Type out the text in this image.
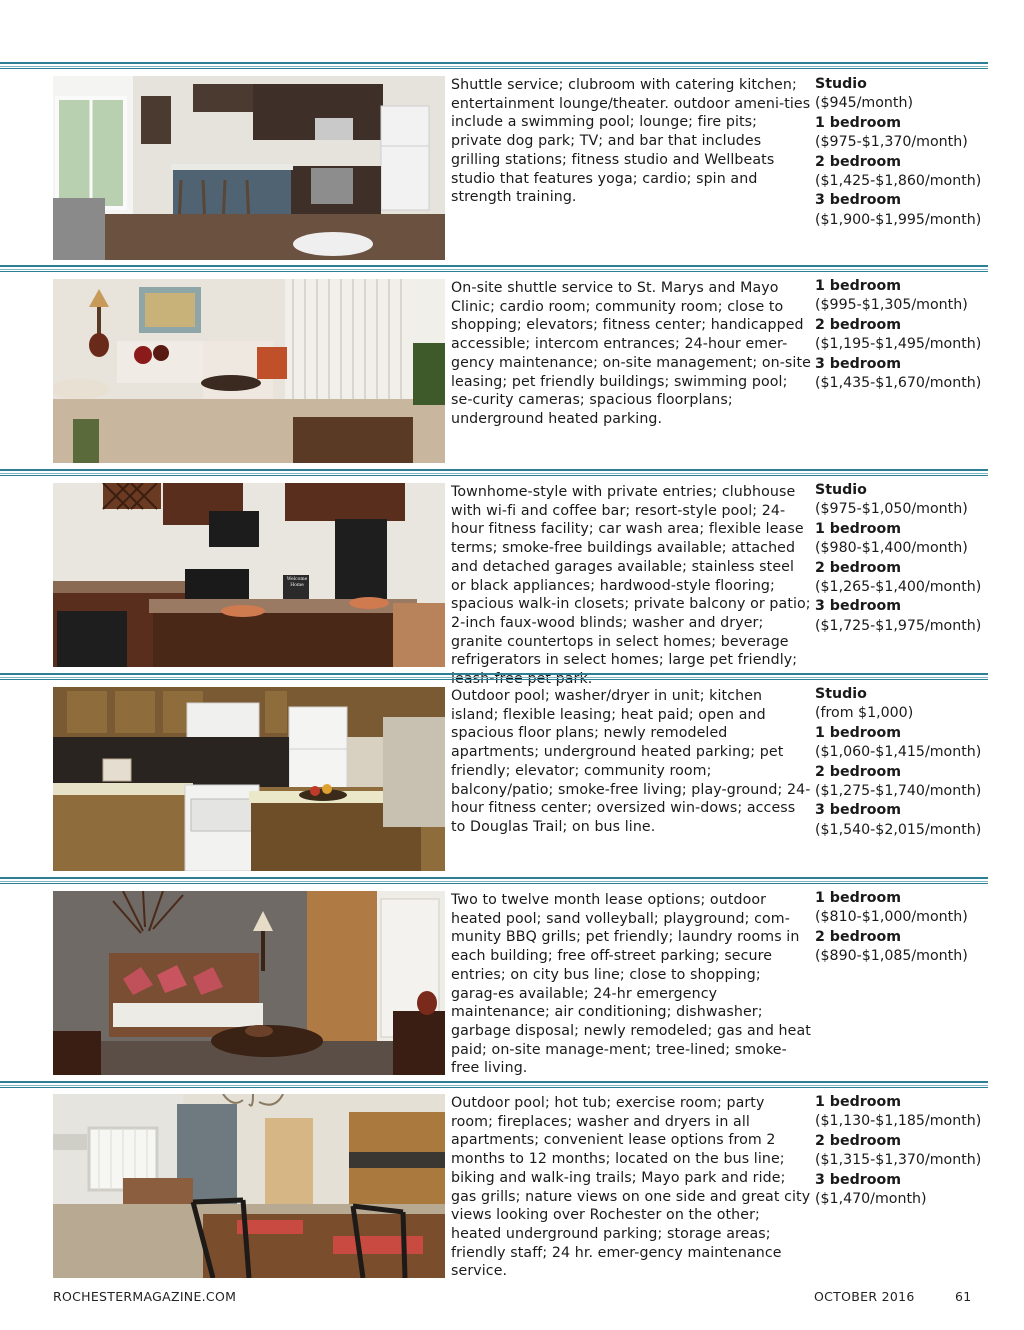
Shuttle service; clubroom with catering kitchen; entertainment lounge/theater. outdoor ameni-ties include a swimming pool; lounge; fire pits; private dog park; TV; and bar that includes grilling stations; fitness studio and Wellbeats studio that features yoga; cardio; spin and strength training.
Studio
($945/month)
1 bedroom
($975-$1,370/month)
2 bedroom
($1,425-$1,860/month)
3 bedroom
($1,900-$1,995/month)
On-site shuttle service to St. Marys and Mayo Clinic; cardio room; community room; close to shopping; elevators; fitness center; handicapped accessible; intercom entrances; 24-hour emer-gency maintenance; on-site management; on-site leasing; pet friendly buildings; swimming pool; se-curity cameras; spacious floorplans; underground heated parking.
1 bedroom
($995-$1,305/month)
2 bedroom
($1,195-$1,495/month)
3 bedroom
($1,435-$1,670/month)
Welcome Home
Townhome-style with private entries; clubhouse with wi-fi and coffee bar; resort-style pool; 24-hour fitness facility; car wash area; flexible lease terms; smoke-free buildings available; attached and detached garages available; stainless steel or black appliances; hardwood-style flooring; spacious walk-in closets; private balcony or patio; 2-inch faux-wood blinds; washer and dryer; granite countertops in select homes; beverage refrigerators in select homes; large pet friendly;
Studio
($975-$1,050/month)
1 bedroom
($980-$1,400/month)
2 bedroom
($1,265-$1,400/month)
3 bedroom
($1,725-$1,975/month)
Outdoor pool; washer/dryer in unit; kitchen island; flexible leasing; heat paid; open and spacious floor plans; newly remodeled apartments; underground heated parking; pet friendly; elevator; community room; balcony/patio; smoke-free living; play-ground; 24-hour fitness center; oversized win-dows; access to Douglas Trail; on bus line.
Studio
(from $1,000)
1 bedroom
($1,060-$1,415/month)
2 bedroom
($1,275-$1,740/month)
3 bedroom
($1,540-$2,015/month)
Two to twelve month lease options; outdoor heated pool; sand volleyball; playground; com-munity BBQ grills; pet friendly; laundry rooms in each building; free off-street parking; secure entries; on city bus line; close to shopping; garag-es available; 24-hr emergency maintenance; air conditioning; dishwasher; garbage disposal; newly remodeled; gas and heat paid; on-site manage-ment; tree-lined; smoke-free living.
1 bedroom
($810-$1,000/month)
2 bedroom
($890-$1,085/month)
Outdoor pool; hot tub; exercise room; party room; fireplaces; washer and dryers in all apartments; convenient lease options from 2 months to 12 months; located on the bus line; biking and walk-ing trails; Mayo park and ride; gas grills; nature views on one side and great city views looking over Rochester on the other; heated underground parking; storage areas; friendly staff; 24 hr. emer-gency maintenance service.
1 bedroom
($1,130-$1,185/month)
2 bedroom
($1,315-$1,370/month)
3 bedroom
($1,470/month)
ROCHESTERMAGAZINE.COM	OCTOBER 2016	61
